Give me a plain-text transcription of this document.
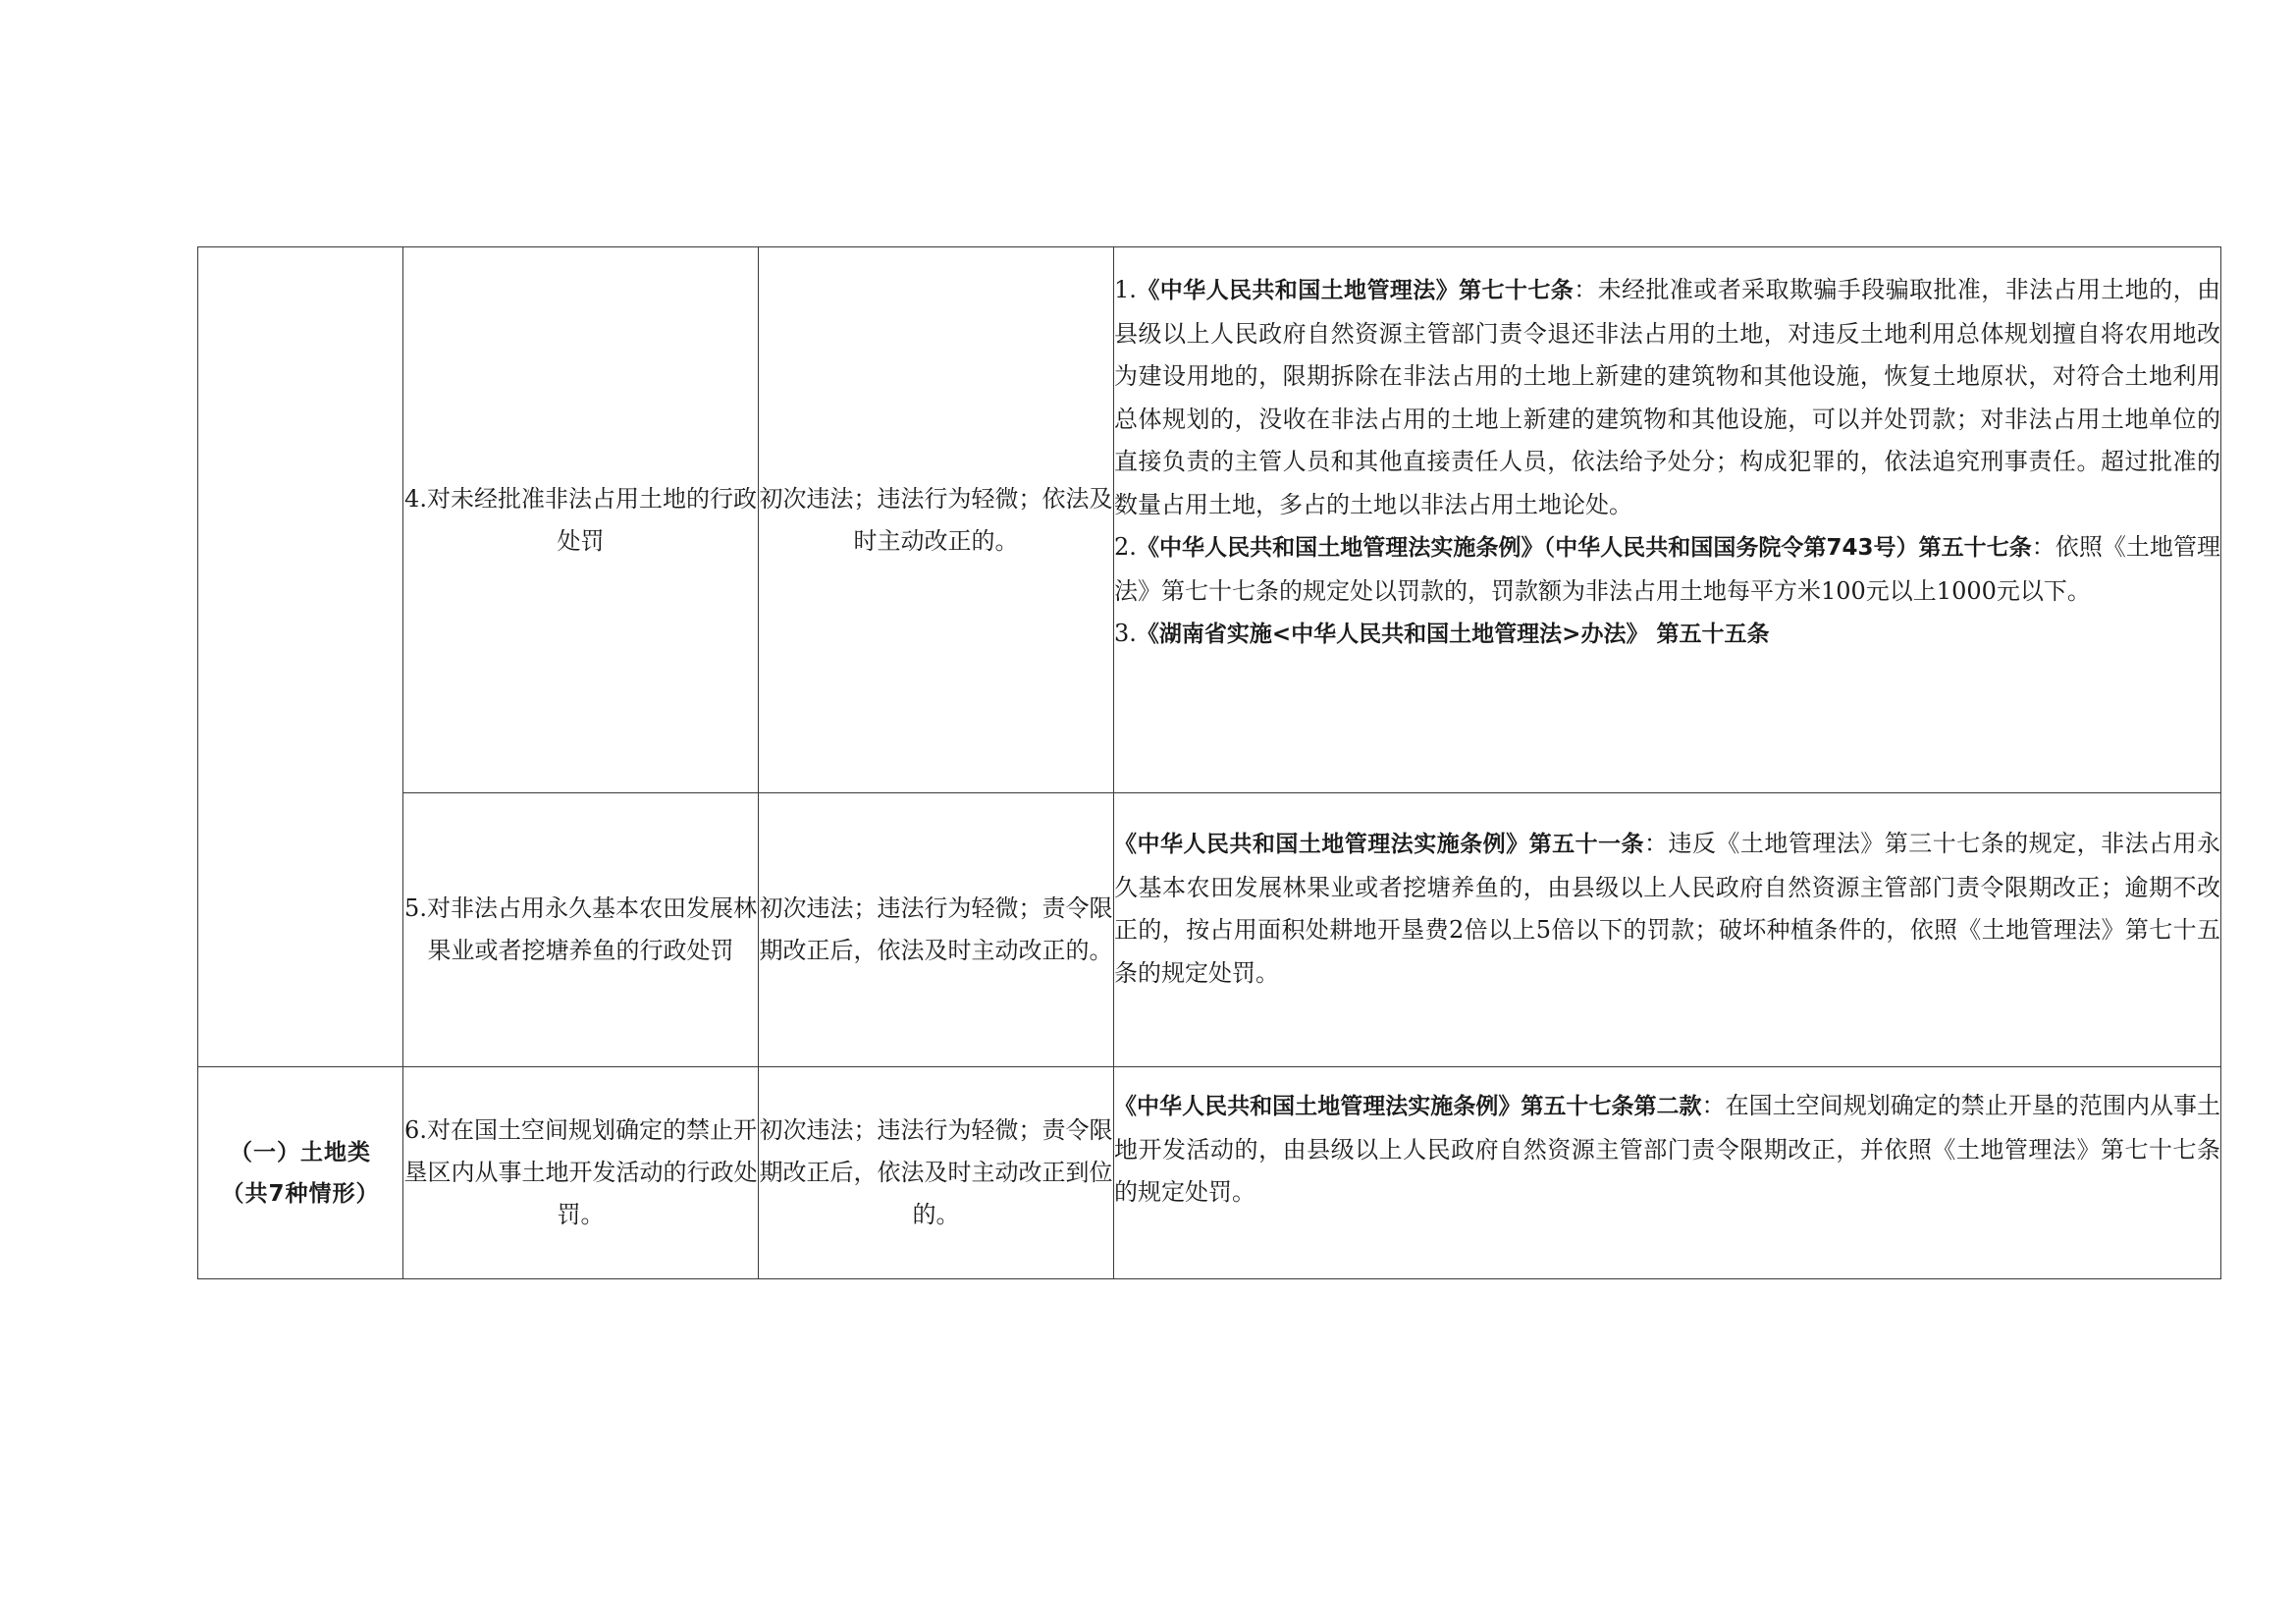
	4.对未经批准非法占用土地的行政处罚	初次违法；违法行为轻微；依法及时主动改正的。	1.《中华人民共和国土地管理法》第七十七条：未经批准或者采取欺骗手段骗取批准，非法占用土地的，由县级以上人民政府自然资源主管部门责令退还非法占用的土地，对违反土地利用总体规划擅自将农用地改为建设用地的，限期拆除在非法占用的土地上新建的建筑物和其他设施，恢复土地原状，对符合土地利用总体规划的，没收在非法占用的土地上新建的建筑物和其他设施，可以并处罚款；对非法占用土地单位的直接负责的主管人员和其他直接责任人员，依法给予处分；构成犯罪的，依法追究刑事责任。超过批准的数量占用土地，多占的土地以非法占用土地论处。

2.《中华人民共和国土地管理法实施条例》（中华人民共和国国务院令第743号）第五十七条：依照《土地管理法》第七十七条的规定处以罚款的，罚款额为非法占用土地每平方米100元以上1000元以下。

3.《湖南省实施<中华人民共和国土地管理法>办法》 第五十五条

	5.对非法占用永久基本农田发展林果业或者挖塘养鱼的行政处罚	初次违法；违法行为轻微；责令限期改正后，依法及时主动改正的。	《中华人民共和国土地管理法实施条例》第五十一条：违反《土地管理法》第三十七条的规定，非法占用永久基本农田发展林果业或者挖塘养鱼的，由县级以上人民政府自然资源主管部门责令限期改正；逾期不改正的，按占用面积处耕地开垦费2倍以上5倍以下的罚款；破坏种植条件的，依照《土地管理法》第七十五条的规定处罚。

（一）土地类
（共7种情形）	6.对在国土空间规划确定的禁止开垦区内从事土地开发活动的行政处罚。	初次违法；违法行为轻微；责令限期改正后，依法及时主动改正到位的。	《中华人民共和国土地管理法实施条例》第五十七条第二款：在国土空间规划确定的禁止开垦的范围内从事土地开发活动的，由县级以上人民政府自然资源主管部门责令限期改正，并依照《土地管理法》第七十七条的规定处罚。
